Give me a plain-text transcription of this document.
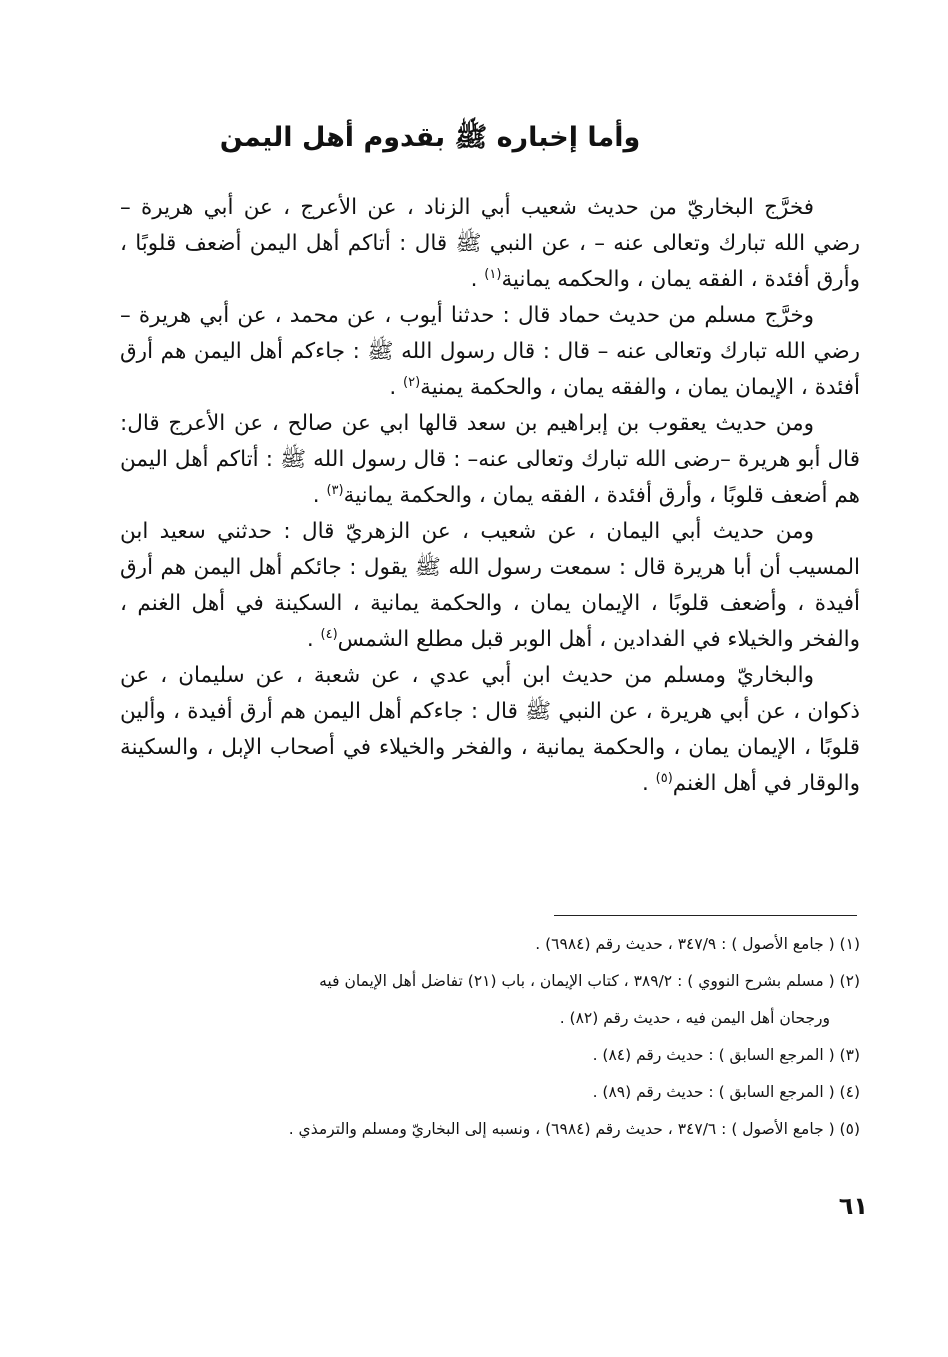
وأما إخباره ﷺ بقدوم أهل اليمن

فخرَّج البخاريّ من حديث شعيب أبي الزناد ، عن الأعرج ، عن أبي هريرة – رضي الله تبارك وتعالى عنه – ، عن النبي ﷺ قال : أتاكم أهل اليمن أضعف قلوبًا ، وأرق أفئدة ، الفقه يمان ، والحكمه يمانية$^{(١)}$ .

وخرَّج مسلم من حديث حماد قال : حدثنا أيوب ، عن محمد ، عن أبي هريرة – رضي الله تبارك وتعالى عنه – قال : قال رسول الله ﷺ : جاءكم أهل اليمن هم أرق أفئدة ، الإيمان يمان ، والفقه يمان ، والحكمة يمنية$^{(٢)}$ .

ومن حديث يعقوب بن إبراهيم بن سعد قالها ابي عن صالح ، عن الأعرج قال: قال أبو هريرة –رضى الله تبارك وتعالى عنه– : قال رسول الله ﷺ : أتاكم أهل اليمن هم أضعف قلوبًا ، وأرق أفئدة ، الفقه يمان ، والحكمة يمانية$^{(٣)}$ .

ومن حديث أبي اليمان ، عن شعيب ، عن الزهريّ قال : حدثني سعيد ابن المسيب أن أبا هريرة قال : سمعت رسول الله ﷺ يقول : جائكم أهل اليمن هم أرق أفيدة ، وأضعف قلوبًا ، الإيمان يمان ، والحكمة يمانية ، السكينة في أهل الغنم ، والفخر والخيلاء في الفدادين ، أهل الوبر قبل مطلع الشمس$^{(٤)}$ .

والبخاريّ ومسلم من حديث ابن أبي عدي ، عن شعبة ، عن سليمان ، عن ذكوان ، عن أبي هريرة ، عن النبي ﷺ قال : جاءكم أهل اليمن هم أرق أفيدة ، وألين قلوبًا ، الإيمان يمان ، والحكمة يمانية ، والفخر والخيلاء في أصحاب الإبل ، والسكينة والوقار في أهل الغنم$^{(٥)}$ .

(١) ( جامع الأصول ) : ٣٤٧/٩ ، حديث رقم (٦٩٨٤) .

(٢) ( مسلم بشرح النووي ) : ٣٨٩/٢ ، كتاب الإيمان ، باب (٢١) تفاضل أهل الإيمان فيه

ورجحان أهل اليمن فيه ، حديث رقم (٨٢) .

(٣) ( المرجع السابق ) : حديث رقم (٨٤) .

(٤) ( المرجع السابق ) : حديث رقم (٨٩) .

(٥) ( جامع الأصول ) : ٣٤٧/٦ ، حديث رقم (٦٩٨٤) ، ونسبه إلى البخاريّ ومسلم والترمذي .

٦١
